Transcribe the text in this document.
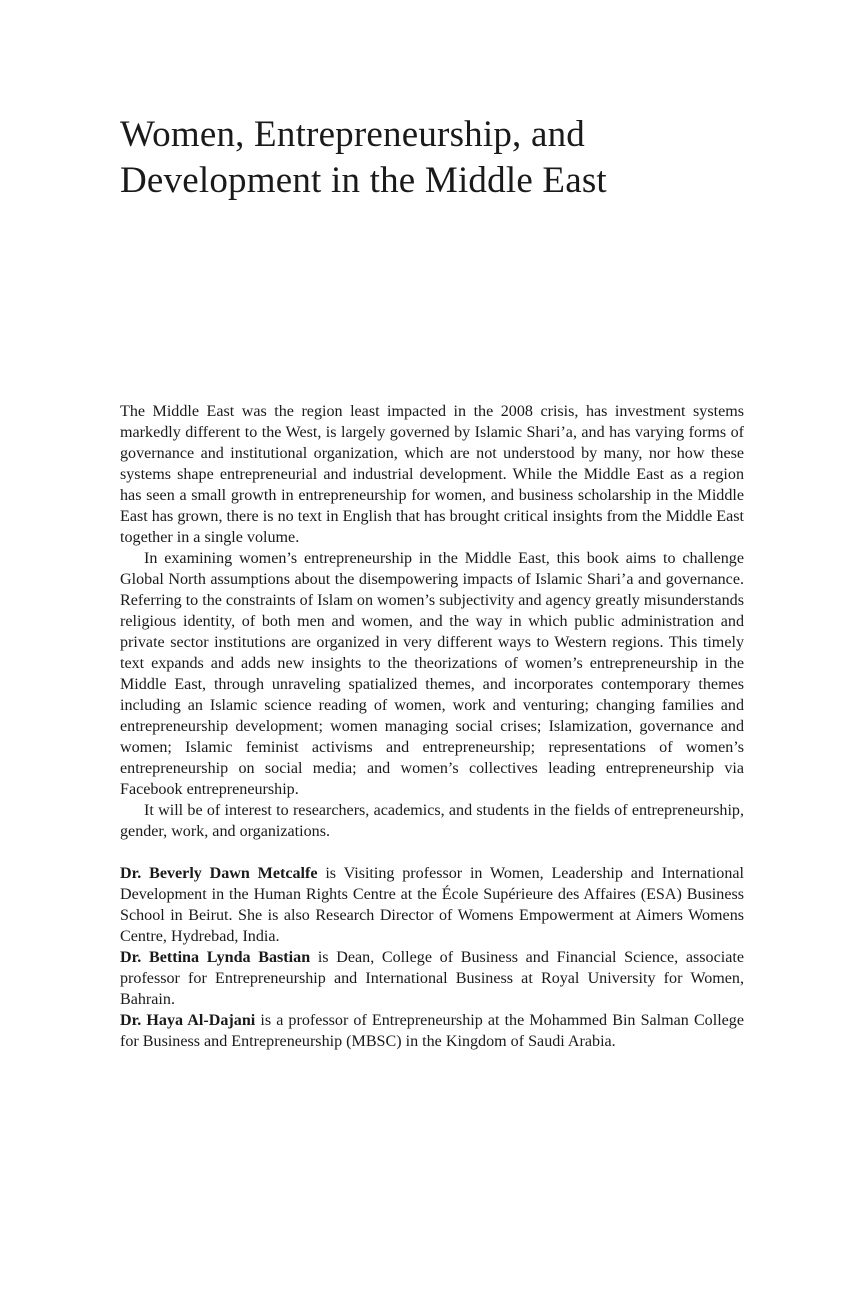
Women, Entrepreneurship, and
Development in the Middle East

The Middle East was the region least impacted in the 2008 crisis, has investment systems markedly different to the West, is largely governed by Islamic Shari’a, and has varying forms of governance and institutional organization, which are not understood by many, nor how these systems shape entrepreneurial and industrial development. While the Middle East as a region has seen a small growth in entrepreneurship for women, and business scholarship in the Middle East has grown, there is no text in English that has brought critical insights from the Middle East together in a single volume.

In examining women’s entrepreneurship in the Middle East, this book aims to challenge Global North assumptions about the disempowering impacts of Islamic Shari’a and governance. Referring to the constraints of Islam on women’s subjectivity and agency greatly misunderstands religious identity, of both men and women, and the way in which public administration and private sector institutions are organized in very different ways to Western regions. This timely text expands and adds new insights to the theorizations of women’s entrepreneurship in the Middle East, through unraveling spatialized themes, and incorporates contemporary themes including an Islamic science reading of women, work and venturing; changing families and entrepreneurship development; women managing social crises; Islamization, governance and women; Islamic feminist activisms and entrepreneurship; representations of women’s entrepreneurship on social media; and women’s collectives leading entrepreneurship via Facebook entrepreneurship.

It will be of interest to researchers, academics, and students in the fields of entrepreneurship, gender, work, and organizations.

Dr. Beverly Dawn Metcalfe is Visiting professor in Women, Leadership and International Development in the Human Rights Centre at the École Supérieure des Affaires (ESA) Business School in Beirut. She is also Research Director of Womens Empowerment at Aimers Womens Centre, Hydrebad, India.

Dr. Bettina Lynda Bastian is Dean, College of Business and Financial Science, associate professor for Entrepreneurship and International Business at Royal University for Women, Bahrain.

Dr. Haya Al-Dajani is a professor of Entrepreneurship at the Mohammed Bin Salman College for Business and Entrepreneurship (MBSC) in the Kingdom of Saudi Arabia.
